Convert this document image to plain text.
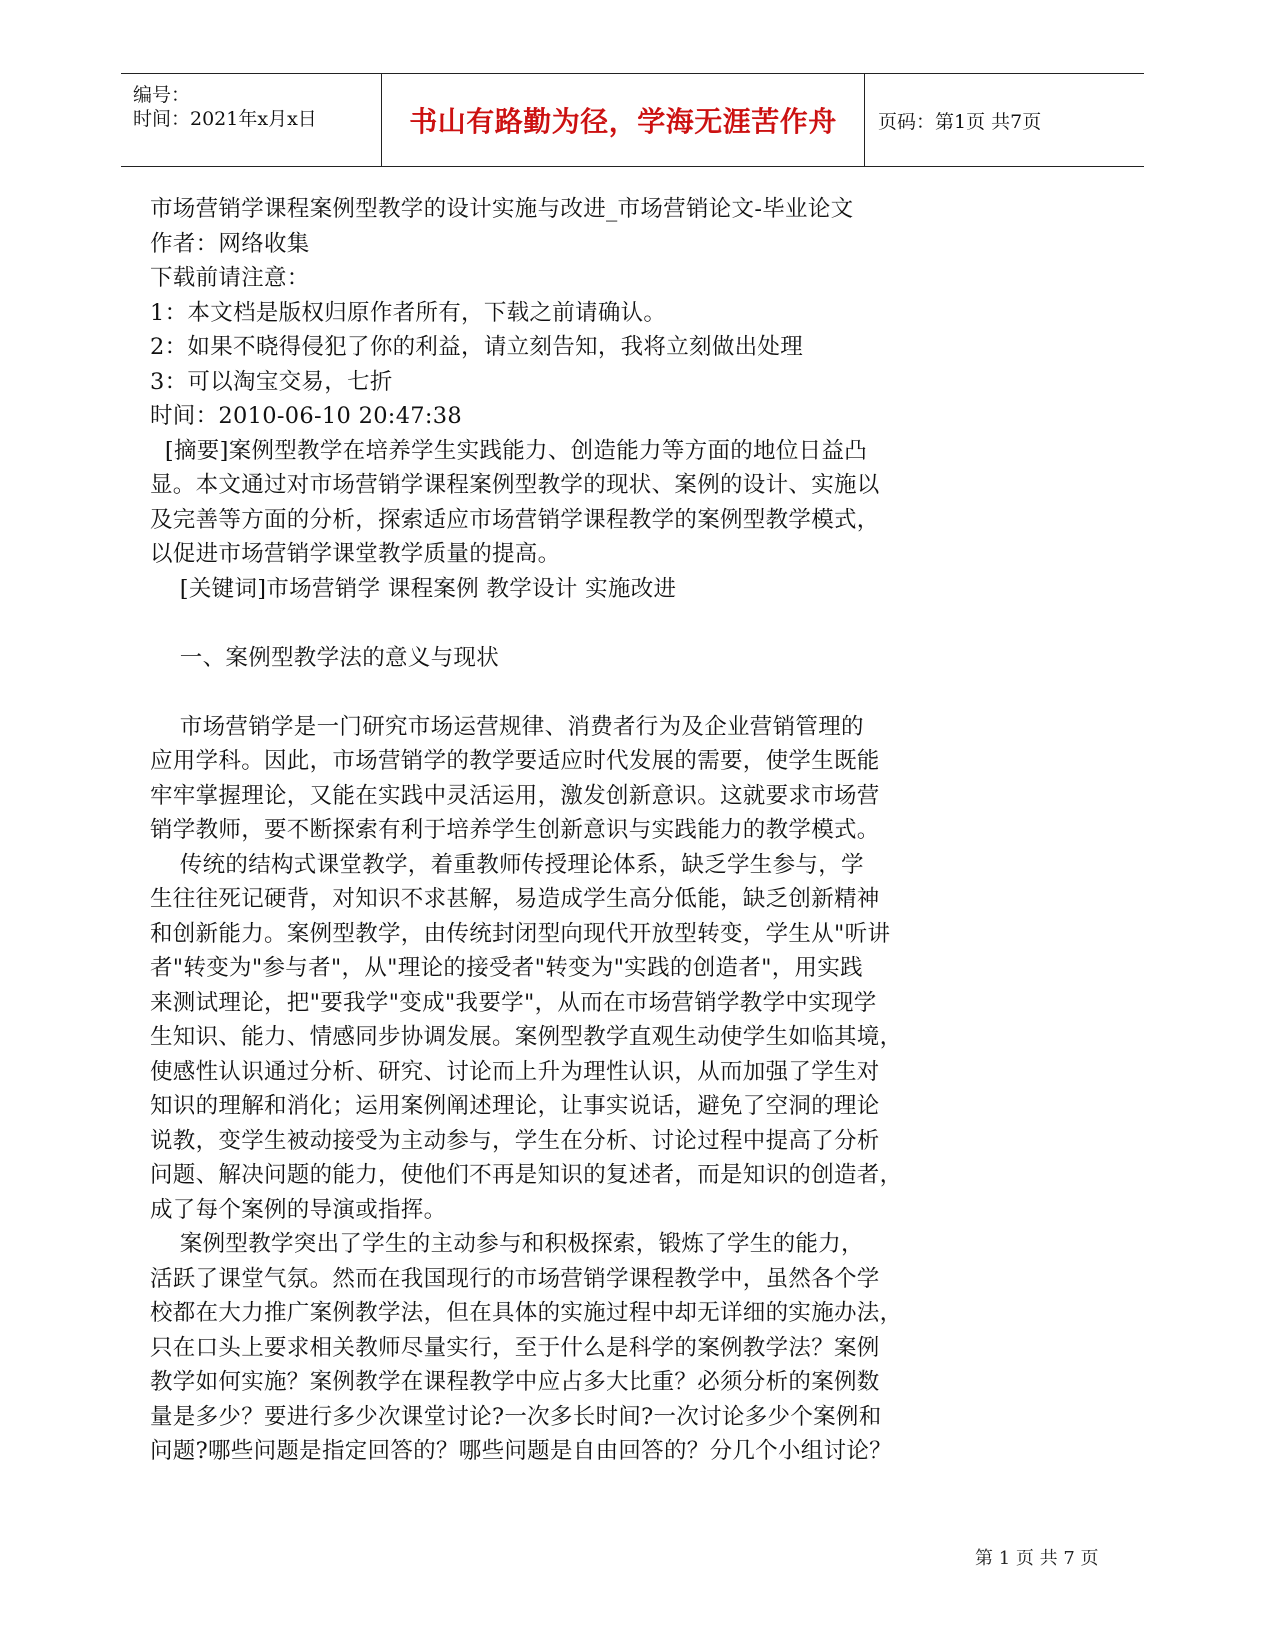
编号：
时间：2021年x月x日	书山有路勤为径，学海无涯苦作舟	页码：第1页 共7页
市场营销学课程案例型教学的设计实施与改进_市场营销论文-毕业论文
作者：网络收集
下载前请注意：
1：本文档是版权归原作者所有，下载之前请确认。
2：如果不晓得侵犯了你的利益，请立刻告知，我将立刻做出处理
3：可以淘宝交易，七折
时间：2010-06-10 20:47:38
[摘要]案例型教学在培养学生实践能力、创造能力等方面的地位日益凸
显。本文通过对市场营销学课程案例型教学的现状、案例的设计、实施以
及完善等方面的分析，探索适应市场营销学课程教学的案例型教学模式，
以促进市场营销学课堂教学质量的提高。
[关键词]市场营销学 课程案例 教学设计 实施改进
一、案例型教学法的意义与现状
市场营销学是一门研究市场运营规律、消费者行为及企业营销管理的
应用学科。因此，市场营销学的教学要适应时代发展的需要，使学生既能
牢牢掌握理论，又能在实践中灵活运用，激发创新意识。这就要求市场营
销学教师，要不断探索有利于培养学生创新意识与实践能力的教学模式。
传统的结构式课堂教学，着重教师传授理论体系，缺乏学生参与，学
生往往死记硬背，对知识不求甚解，易造成学生高分低能，缺乏创新精神
和创新能力。案例型教学，由传统封闭型向现代开放型转变，学生从"听讲
者"转变为"参与者"，从"理论的接受者"转变为"实践的创造者"，用实践
来测试理论，把"要我学"变成"我要学"，从而在市场营销学教学中实现学
生知识、能力、情感同步协调发展。案例型教学直观生动使学生如临其境，
使感性认识通过分析、研究、讨论而上升为理性认识，从而加强了学生对
知识的理解和消化；运用案例阐述理论，让事实说话，避免了空洞的理论
说教，变学生被动接受为主动参与，学生在分析、讨论过程中提高了分析
问题、解决问题的能力，使他们不再是知识的复述者，而是知识的创造者，
成了每个案例的导演或指挥。
案例型教学突出了学生的主动参与和积极探索，锻炼了学生的能力，
活跃了课堂气氛。然而在我国现行的市场营销学课程教学中，虽然各个学
校都在大力推广案例教学法，但在具体的实施过程中却无详细的实施办法，
只在口头上要求相关教师尽量实行，至于什么是科学的案例教学法？案例
教学如何实施？案例教学在课程教学中应占多大比重？必须分析的案例数
量是多少？要进行多少次课堂讨论?一次多长时间?一次讨论多少个案例和
问题?哪些问题是指定回答的？哪些问题是自由回答的？分几个小组讨论？
第 1 页 共 7 页
